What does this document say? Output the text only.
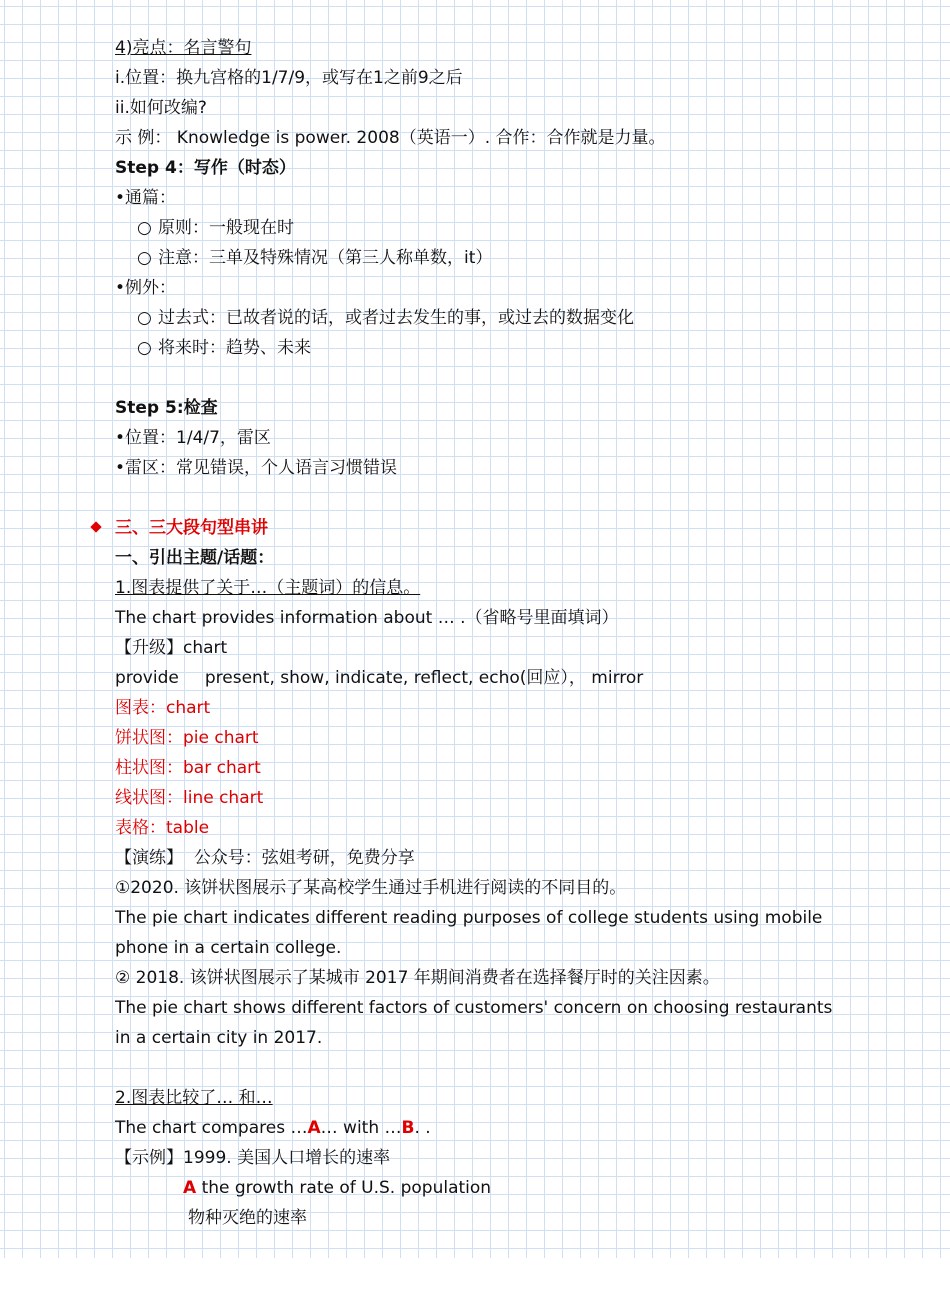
4)亮点：名言警句

i.位置：换九宫格的1/7/9，或写在1之前9之后

ii.如何改编?

示 例： Knowledge is power. 2008（英语一）. 合作：合作就是力量。

Step 4：写作（时态）

•通篇：

○ 原则：一般现在时

○ 注意：三单及特殊情况（第三人称单数，it）

•例外：

○ 过去式：已故者说的话，或者过去发生的事，或过去的数据变化

○ 将来时：趋势、未来

Step 5:检查

•位置：1/4/7，雷区

•雷区：常见错误，个人语言习惯错误

三、三大段句型串讲

一、引出主题/话题：

1.图表提供了关于…（主题词）的信息。

The chart provides information about … .（省略号里面填词）

【升级】chart

provide present, show, indicate, reflect, echo(回应）， mirror

图表：chart

饼状图：pie chart

柱状图：bar chart

线状图：line chart

表格：table

【演练】 公众号：弦姐考研，免费分享

①2020. 该饼状图展示了某高校学生通过手机进行阅读的不同目的。

The pie chart indicates different reading purposes of college students using mobile phone in a certain college.

② 2018. 该饼状图展示了某城市 2017 年期间消费者在选择餐厅时的关注因素。

The pie chart shows different factors of customers' concern on choosing restaurants in a certain city in 2017.

2.图表比较了… 和…

The chart compares …A… with …B. .

【示例】1999. 美国人口增长的速率

A the growth rate of U.S. population

物种灭绝的速率
